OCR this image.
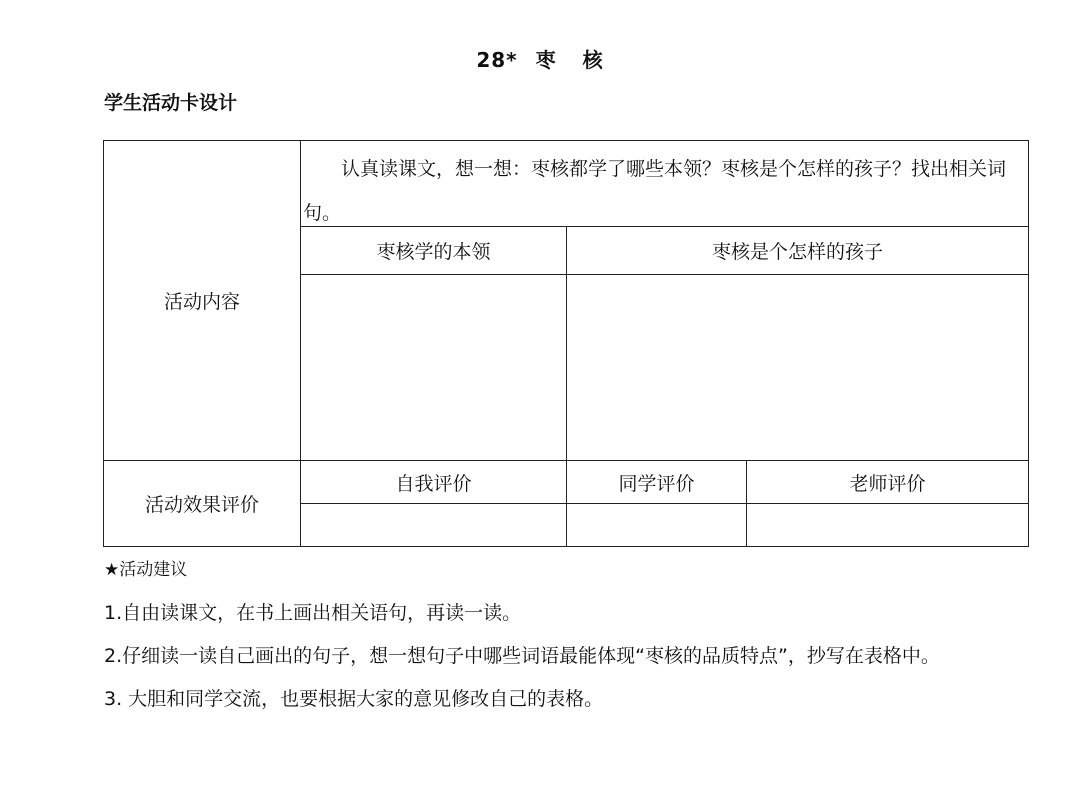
28* 枣 核
学生活动卡设计
活动内容
认真读课文，想一想：枣核都学了哪些本领？枣核是个怎样的孩子？找出相关词句。
枣核学的本领	枣核是个怎样的孩子
活动效果评价
自我评价	同学评价	老师评价

★活动建议

1.自由读课文，在书上画出相关语句，再读一读。

2.仔细读一读自己画出的句子，想一想句子中哪些词语最能体现“枣核的品质特点”，抄写在表格中。

3. 大胆和同学交流，也要根据大家的意见修改自己的表格。
